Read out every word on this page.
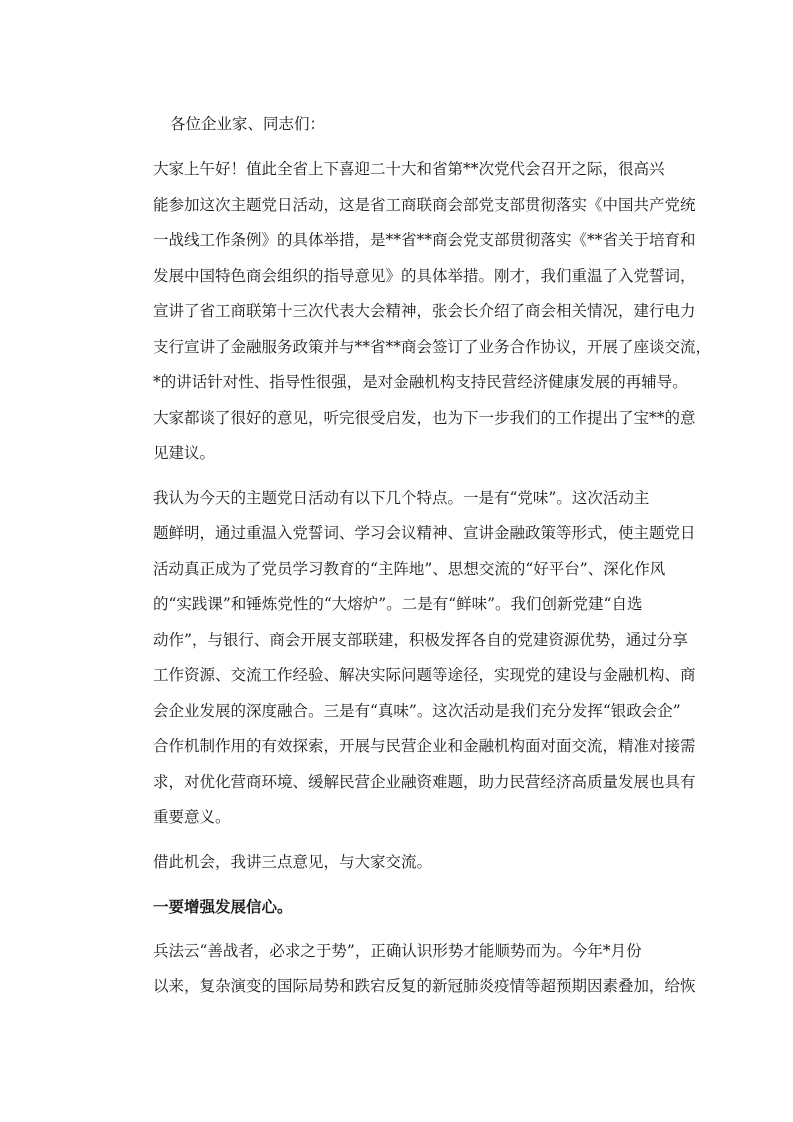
各位企业家、同志们：

大家上午好！值此全省上下喜迎二十大和省第**次党代会召开之际，很高兴
能参加这次主题党日活动，这是省工商联商会部党支部贯彻落实《中国共产党统
一战线工作条例》的具体举措，是**省**商会党支部贯彻落实《**省关于培育和
发展中国特色商会组织的指导意见》的具体举措。刚才，我们重温了入党誓词，
宣讲了省工商联第十三次代表大会精神，张会长介绍了商会相关情况，建行电力
支行宣讲了金融服务政策并与**省**商会签订了业务合作协议，开展了座谈交流，
*的讲话针对性、指导性很强，是对金融机构支持民营经济健康发展的再辅导。
大家都谈了很好的意见，听完很受启发，也为下一步我们的工作提出了宝**的意
见建议。
我认为今天的主题党日活动有以下几个特点。一是有“党味”。这次活动主
题鲜明，通过重温入党誓词、学习会议精神、宣讲金融政策等形式，使主题党日
活动真正成为了党员学习教育的“主阵地”、思想交流的“好平台”、深化作风
的“实践课”和锤炼党性的“大熔炉”。二是有“鲜味”。我们创新党建“自选
动作”，与银行、商会开展支部联建，积极发挥各自的党建资源优势，通过分享
工作资源、交流工作经验、解决实际问题等途径，实现党的建设与金融机构、商
会企业发展的深度融合。三是有“真味”。这次活动是我们充分发挥“银政会企”
合作机制作用的有效探索，开展与民营企业和金融机构面对面交流，精准对接需
求，对优化营商环境、缓解民营企业融资难题，助力民营经济高质量发展也具有
重要意义。
借此机会，我讲三点意见，与大家交流。
一要增强发展信心。
兵法云“善战者，必求之于势”，正确认识形势才能顺势而为。今年*月份
以来，复杂演变的国际局势和跌宕反复的新冠肺炎疫情等超预期因素叠加，给恢
